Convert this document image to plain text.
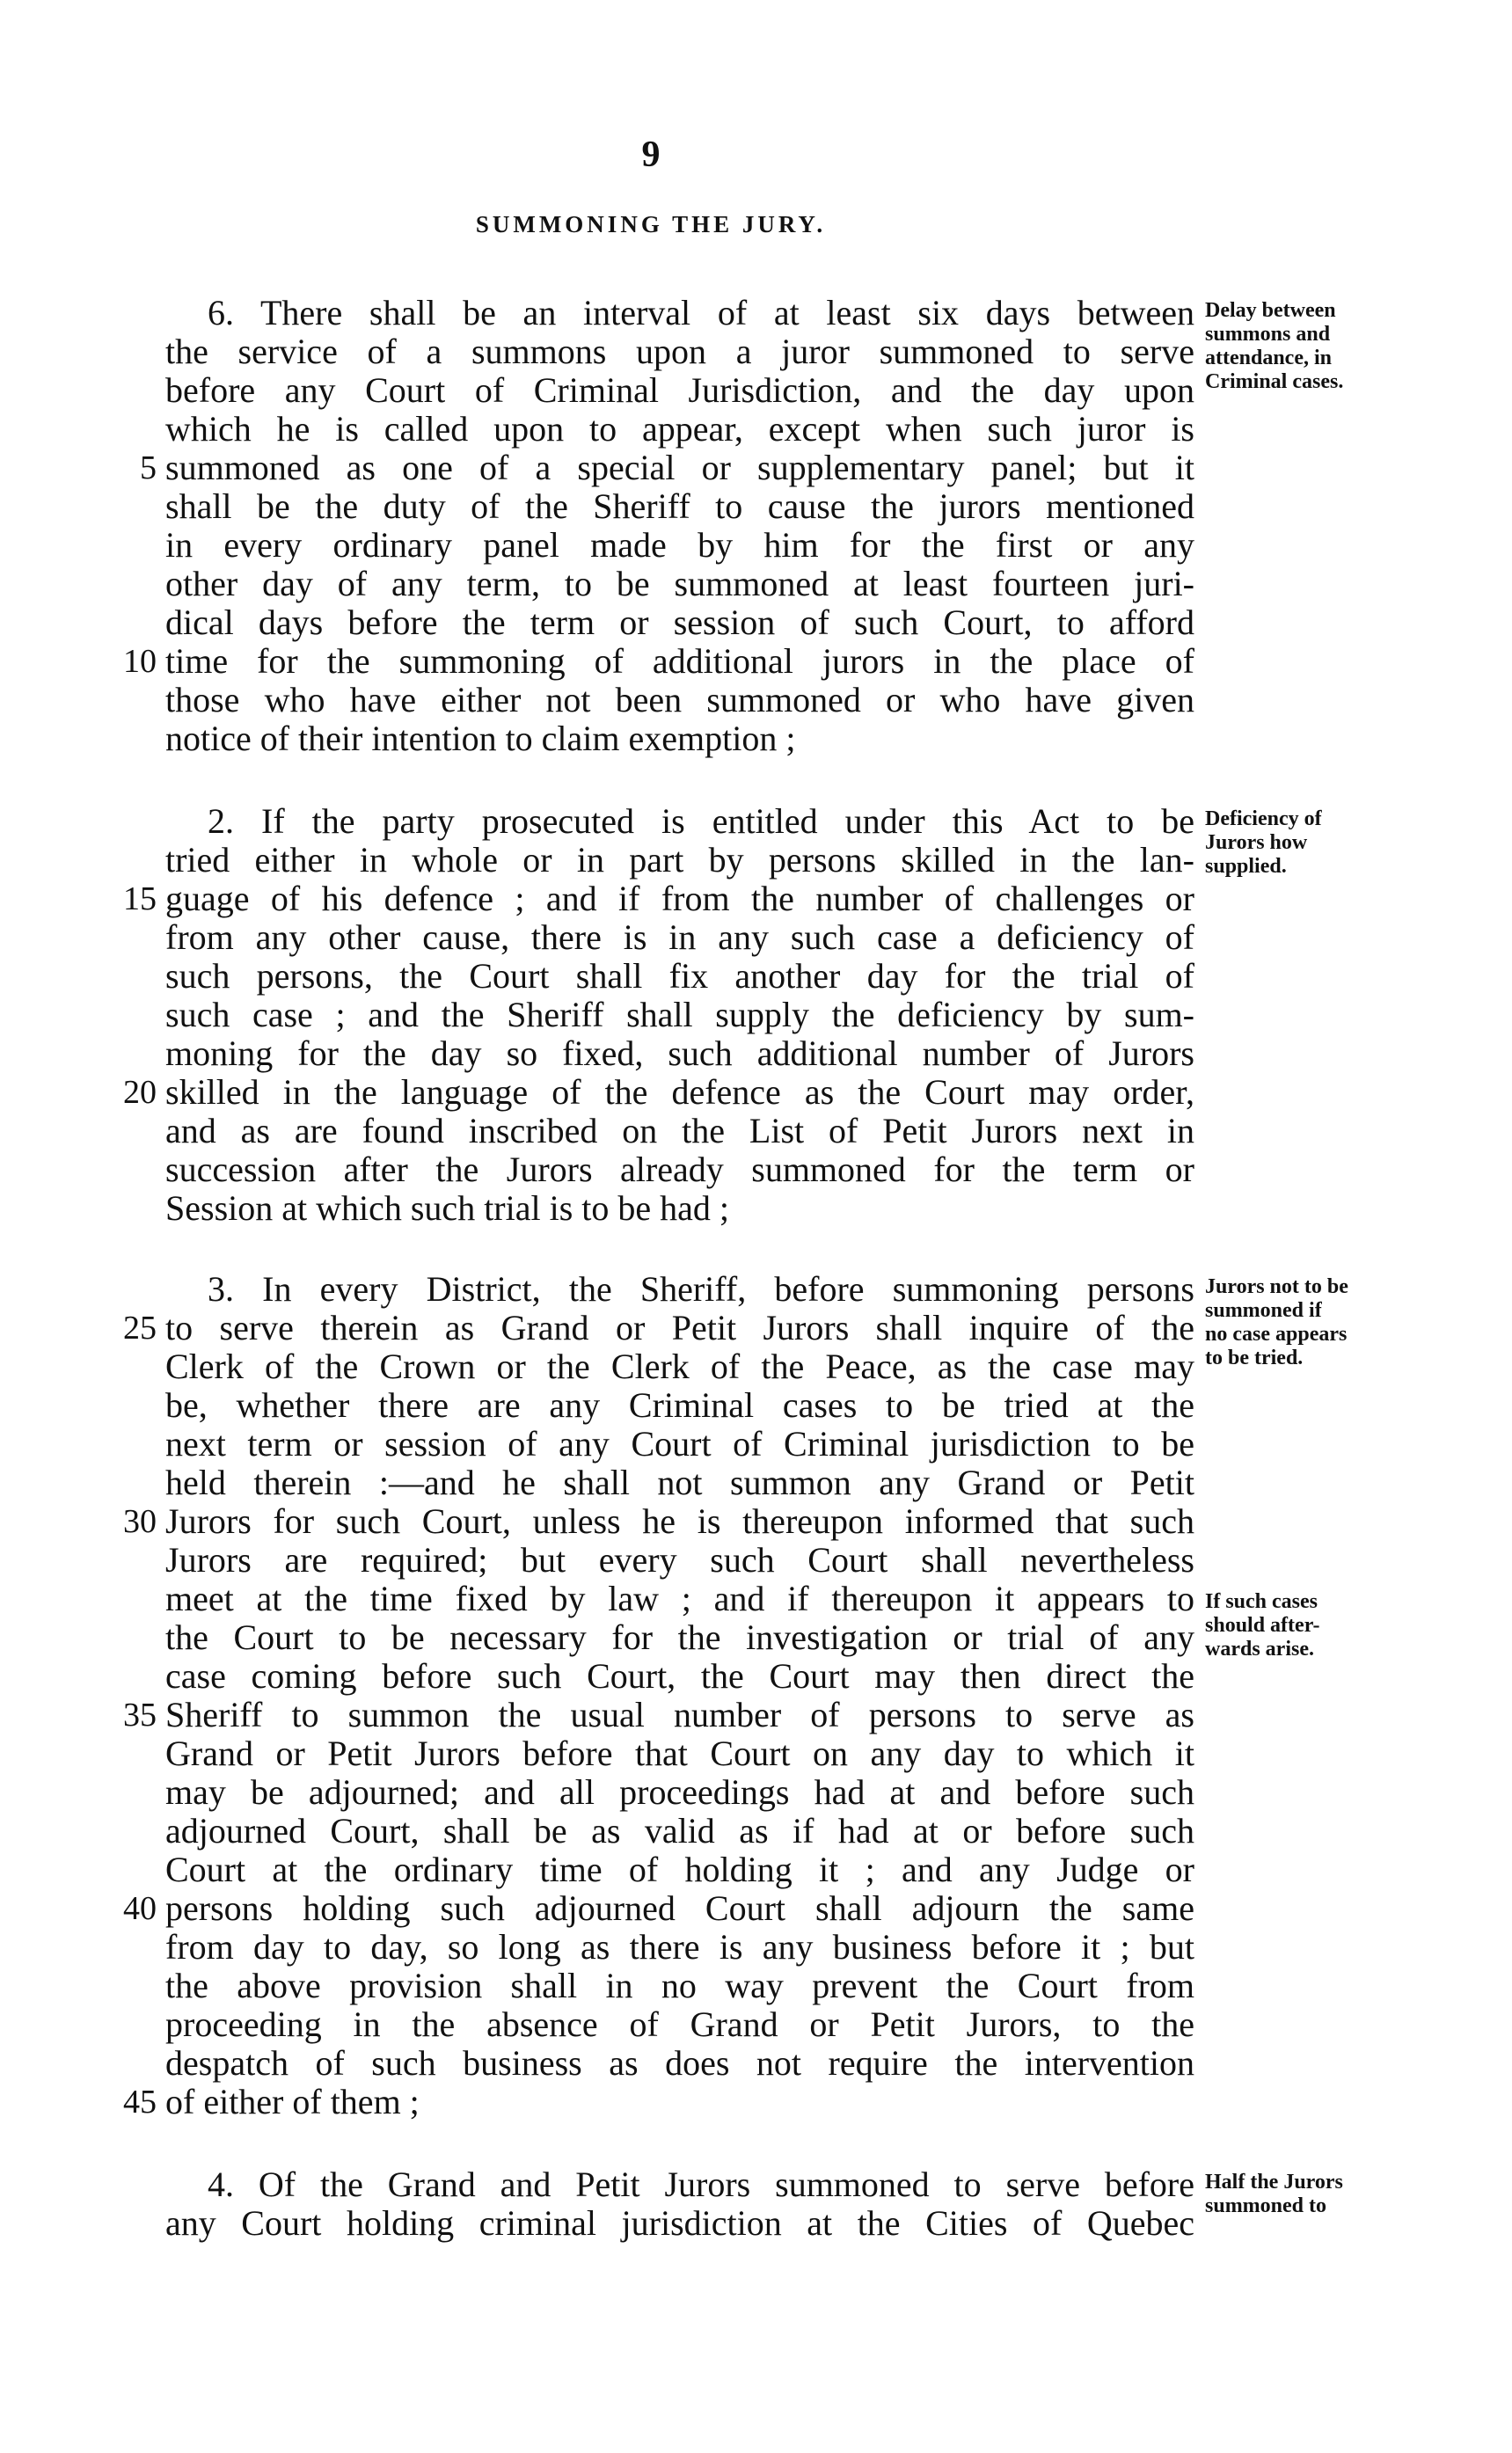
9
SUMMONING THE JURY.
6. There shall be an interval of at least six days between
the service of a summons upon a juror summoned to serve
before any Court of Criminal Jurisdiction, and the day upon
which he is called upon to appear, except when such juror is
5 summoned as one of a special or supplementary panel; but it
shall be the duty of the Sheriff to cause the jurors mentioned
in every ordinary panel made by him for the first or any
other day of any term, to be summoned at least fourteen juri-
dical days before the term or session of such Court, to afford
10 time for the summoning of additional jurors in the place of
those who have either not been summoned or who have given
notice of their intention to claim exemption ;
Delay between
summons and
attendance, in
Criminal cases.
2. If the party prosecuted is entitled under this Act to be
tried either in whole or in part by persons skilled in the lan-
15 guage of his defence ; and if from the number of challenges or
from any other cause, there is in any such case a deficiency of
such persons, the Court shall fix another day for the trial of
such case ; and the Sheriff shall supply the deficiency by sum-
moning for the day so fixed, such additional number of Jurors
20 skilled in the language of the defence as the Court may order,
and as are found inscribed on the List of Petit Jurors next in
succession after the Jurors already summoned for the term or
Session at which such trial is to be had ;
Deficiency of
Jurors how
supplied.
3. In every District, the Sheriff, before summoning persons
25 to serve therein as Grand or Petit Jurors shall inquire of the
Clerk of the Crown or the Clerk of the Peace, as the case may
be, whether there are any Criminal cases to be tried at the
next term or session of any Court of Criminal jurisdiction to be
held therein :—and he shall not summon any Grand or Petit
30 Jurors for such Court, unless he is thereupon informed that such
Jurors are required; but every such Court shall nevertheless
meet at the time fixed by law ; and if thereupon it appears to
the Court to be necessary for the investigation or trial of any
case coming before such Court, the Court may then direct the
35 Sheriff to summon the usual number of persons to serve as
Grand or Petit Jurors before that Court on any day to which it
may be adjourned; and all proceedings had at and before such
adjourned Court, shall be as valid as if had at or before such
Court at the ordinary time of holding it ; and any Judge or
40 persons holding such adjourned Court shall adjourn the same
from day to day, so long as there is any business before it ; but
the above provision shall in no way prevent the Court from
proceeding in the absence of Grand or Petit Jurors, to the
despatch of such business as does not require the intervention
45 of either of them ;
Jurors not to be
summoned if
no case appears
to be tried.
4. Of the Grand and Petit Jurors summoned to serve before
any Court holding criminal jurisdiction at the Cities of Quebec
Half the Jurors
summoned to
If such cases
should after-
wards arise.
